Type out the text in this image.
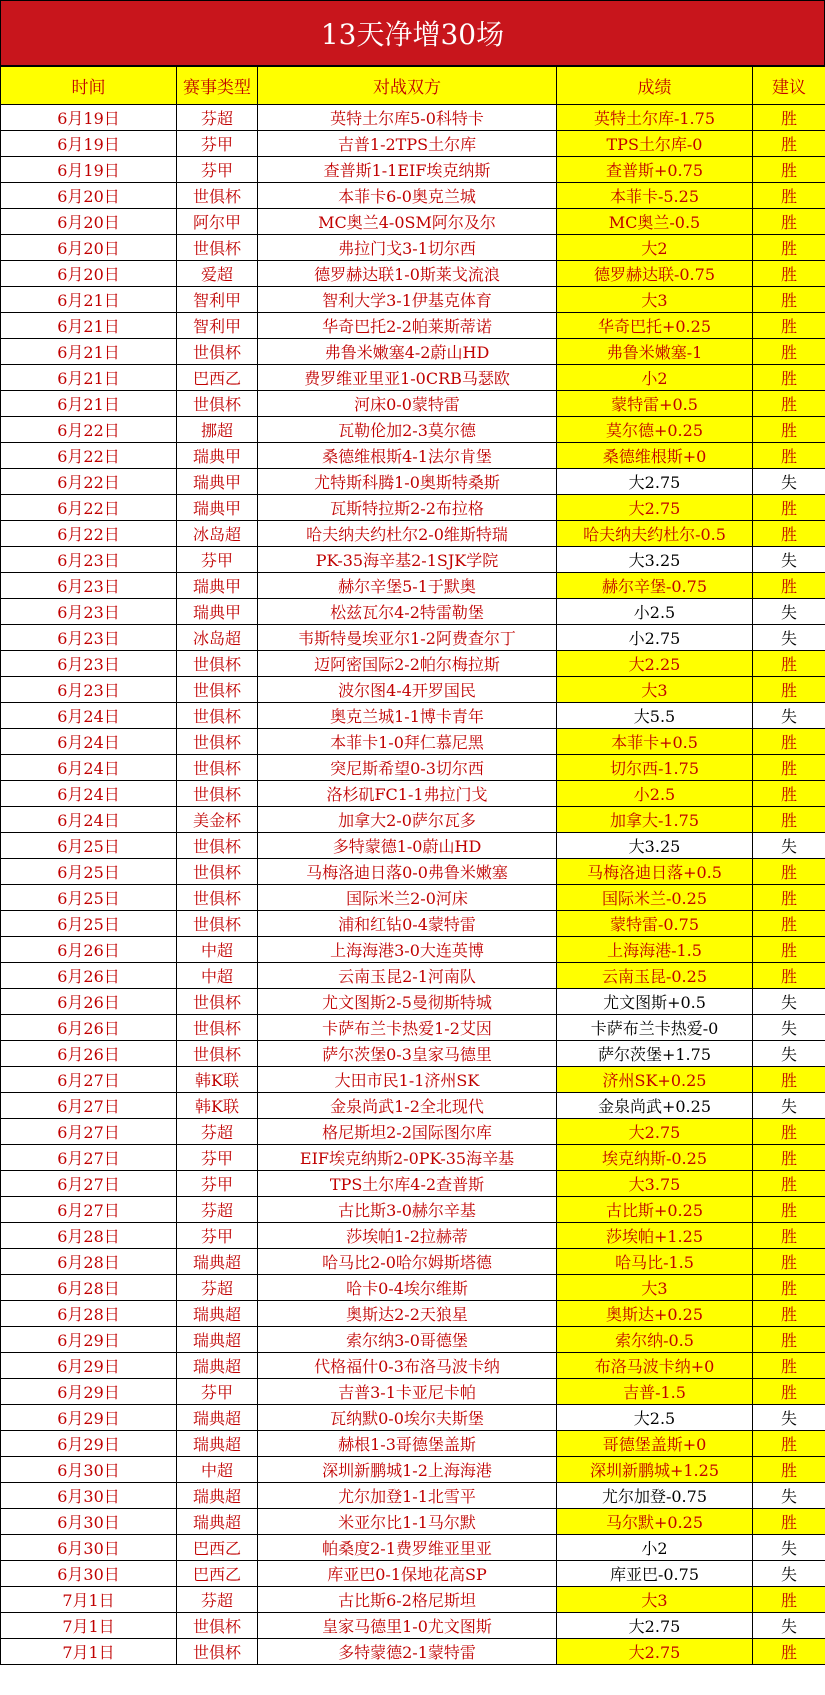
13天净增30场
时间	赛事类型	对战双方	成绩	建议
6月19日	芬超	英特土尔库5-0科特卡	英特土尔库-1.75	胜
6月19日	芬甲	吉普1-2TPS土尔库	TPS土尔库-0	胜
6月19日	芬甲	查普斯1-1EIF埃克纳斯	查普斯+0.75	胜
6月20日	世俱杯	本菲卡6-0奥克兰城	本菲卡-5.25	胜
6月20日	阿尔甲	MC奥兰4-0SM阿尔及尔	MC奥兰-0.5	胜
6月20日	世俱杯	弗拉门戈3-1切尔西	大2	胜
6月20日	爱超	德罗赫达联1-0斯莱戈流浪	德罗赫达联-0.75	胜
6月21日	智利甲	智利大学3-1伊基克体育	大3	胜
6月21日	智利甲	华奇巴托2-2帕莱斯蒂诺	华奇巴托+0.25	胜
6月21日	世俱杯	弗鲁米嫩塞4-2蔚山HD	弗鲁米嫩塞-1	胜
6月21日	巴西乙	费罗维亚里亚1-0CRB马瑟欧	小2	胜
6月21日	世俱杯	河床0-0蒙特雷	蒙特雷+0.5	胜
6月22日	挪超	瓦勒伦加2-3莫尔德	莫尔德+0.25	胜
6月22日	瑞典甲	桑德维根斯4-1法尔肯堡	桑德维根斯+0	胜
6月22日	瑞典甲	尤特斯科腾1-0奥斯特桑斯	大2.75	失
6月22日	瑞典甲	瓦斯特拉斯2-2布拉格	大2.75	胜
6月22日	冰岛超	哈夫纳夫约杜尔2-0维斯特瑞	哈夫纳夫约杜尔-0.5	胜
6月23日	芬甲	PK-35海辛基2-1SJK学院	大3.25	失
6月23日	瑞典甲	赫尔辛堡5-1于默奥	赫尔辛堡-0.75	胜
6月23日	瑞典甲	松兹瓦尔4-2特雷勒堡	小2.5	失
6月23日	冰岛超	韦斯特曼埃亚尔1-2阿费查尔丁	小2.75	失
6月23日	世俱杯	迈阿密国际2-2帕尔梅拉斯	大2.25	胜
6月23日	世俱杯	波尔图4-4开罗国民	大3	胜
6月24日	世俱杯	奥克兰城1-1博卡青年	大5.5	失
6月24日	世俱杯	本菲卡1-0拜仁慕尼黑	本菲卡+0.5	胜
6月24日	世俱杯	突尼斯希望0-3切尔西	切尔西-1.75	胜
6月24日	世俱杯	洛杉矶FC1-1弗拉门戈	小2.5	胜
6月24日	美金杯	加拿大2-0萨尔瓦多	加拿大-1.75	胜
6月25日	世俱杯	多特蒙德1-0蔚山HD	大3.25	失
6月25日	世俱杯	马梅洛迪日落0-0弗鲁米嫩塞	马梅洛迪日落+0.5	胜
6月25日	世俱杯	国际米兰2-0河床	国际米兰-0.25	胜
6月25日	世俱杯	浦和红钻0-4蒙特雷	蒙特雷-0.75	胜
6月26日	中超	上海海港3-0大连英博	上海海港-1.5	胜
6月26日	中超	云南玉昆2-1河南队	云南玉昆-0.25	胜
6月26日	世俱杯	尤文图斯2-5曼彻斯特城	尤文图斯+0.5	失
6月26日	世俱杯	卡萨布兰卡热爱1-2艾因	卡萨布兰卡热爱-0	失
6月26日	世俱杯	萨尔茨堡0-3皇家马德里	萨尔茨堡+1.75	失
6月27日	韩K联	大田市民1-1济州SK	济州SK+0.25	胜
6月27日	韩K联	金泉尚武1-2全北现代	金泉尚武+0.25	失
6月27日	芬超	格尼斯坦2-2国际图尔库	大2.75	胜
6月27日	芬甲	EIF埃克纳斯2-0PK-35海辛基	埃克纳斯-0.25	胜
6月27日	芬甲	TPS土尔库4-2查普斯	大3.75	胜
6月27日	芬超	古比斯3-0赫尔辛基	古比斯+0.25	胜
6月28日	芬甲	莎埃帕1-2拉赫蒂	莎埃帕+1.25	胜
6月28日	瑞典超	哈马比2-0哈尔姆斯塔德	哈马比-1.5	胜
6月28日	芬超	哈卡0-4埃尔维斯	大3	胜
6月28日	瑞典超	奥斯达2-2天狼星	奥斯达+0.25	胜
6月29日	瑞典超	索尔纳3-0哥德堡	索尔纳-0.5	胜
6月29日	瑞典超	代格福什0-3布洛马波卡纳	布洛马波卡纳+0	胜
6月29日	芬甲	吉普3-1卡亚尼卡帕	吉普-1.5	胜
6月29日	瑞典超	瓦纳默0-0埃尔夫斯堡	大2.5	失
6月29日	瑞典超	赫根1-3哥德堡盖斯	哥德堡盖斯+0	胜
6月30日	中超	深圳新鹏城1-2上海海港	深圳新鹏城+1.25	胜
6月30日	瑞典超	尤尔加登1-1北雪平	尤尔加登-0.75	失
6月30日	瑞典超	米亚尔比1-1马尔默	马尔默+0.25	胜
6月30日	巴西乙	帕桑度2-1费罗维亚里亚	小2	失
6月30日	巴西乙	库亚巴0-1保地花高SP	库亚巴-0.75	失
7月1日	芬超	古比斯6-2格尼斯坦	大3	胜
7月1日	世俱杯	皇家马德里1-0尤文图斯	大2.75	失
7月1日	世俱杯	多特蒙德2-1蒙特雷	大2.75	胜
